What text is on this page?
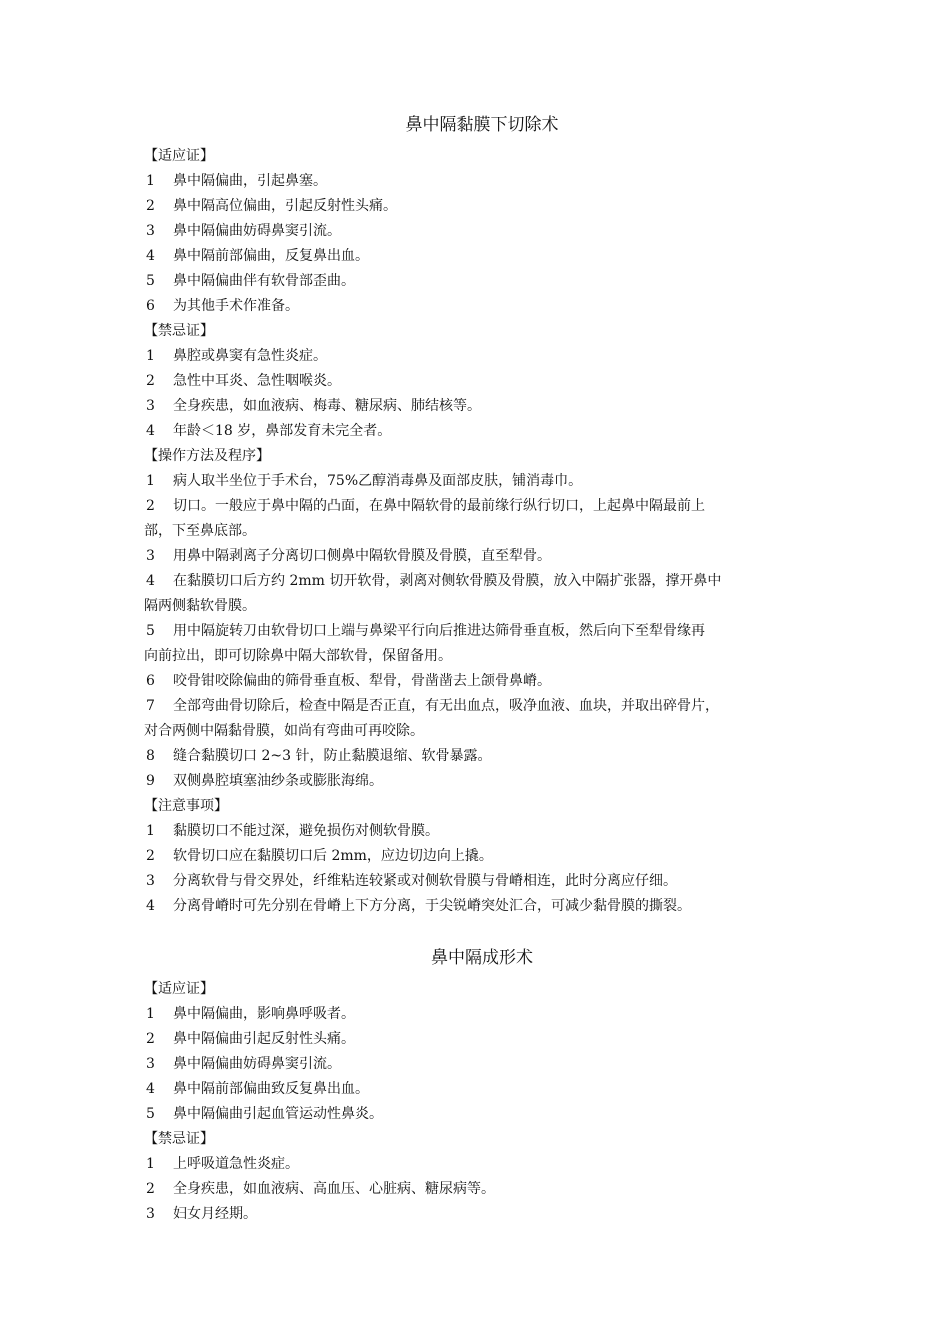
鼻中隔黏膜下切除术
【适应证】
1	鼻中隔偏曲，引起鼻塞。
2	鼻中隔高位偏曲，引起反射性头痛。
3	鼻中隔偏曲妨碍鼻窦引流。
4	鼻中隔前部偏曲，反复鼻出血。
5	鼻中隔偏曲伴有软骨部歪曲。
6	为其他手术作准备。
【禁忌证】
1	鼻腔或鼻窦有急性炎症。
2	急性中耳炎、急性咽喉炎。
3	全身疾患，如血液病、梅毒、糖尿病、肺结核等。
4	年龄＜18 岁，鼻部发育未完全者。
【操作方法及程序】
1	病人取半坐位于手术台，75%乙醇消毒鼻及面部皮肤，铺消毒巾。
2	切口。一般应于鼻中隔的凸面，在鼻中隔软骨的最前缘行纵行切口，上起鼻中隔最前上
部，下至鼻底部。
3	用鼻中隔剥离子分离切口侧鼻中隔软骨膜及骨膜，直至犁骨。
4	在黏膜切口后方约 2mm 切开软骨，剥离对侧软骨膜及骨膜，放入中隔扩张器，撑开鼻中
隔两侧黏软骨膜。
5	用中隔旋转刀由软骨切口上端与鼻梁平行向后推进达筛骨垂直板，然后向下至犁骨缘再
向前拉出，即可切除鼻中隔大部软骨，保留备用。
6	咬骨钳咬除偏曲的筛骨垂直板、犁骨，骨凿凿去上颌骨鼻嵴。
7	全部弯曲骨切除后，检查中隔是否正直，有无出血点，吸净血液、血块，并取出碎骨片，
对合两侧中隔黏骨膜，如尚有弯曲可再咬除。
8	缝合黏膜切口 2~3 针，防止黏膜退缩、软骨暴露。
9	双侧鼻腔填塞油纱条或膨胀海绵。
【注意事项】
1	黏膜切口不能过深，避免损伤对侧软骨膜。
2	软骨切口应在黏膜切口后 2mm，应边切边向上撬。
3	分离软骨与骨交界处，纤维粘连较紧或对侧软骨膜与骨嵴相连，此时分离应仔细。
4	分离骨嵴时可先分别在骨嵴上下方分离，于尖锐嵴突处汇合，可减少黏骨膜的撕裂。
鼻中隔成形术
【适应证】
1	鼻中隔偏曲，影响鼻呼吸者。
2	鼻中隔偏曲引起反射性头痛。
3	鼻中隔偏曲妨碍鼻窦引流。
4	鼻中隔前部偏曲致反复鼻出血。
5	鼻中隔偏曲引起血管运动性鼻炎。
【禁忌证】
1	上呼吸道急性炎症。
2	全身疾患，如血液病、高血压、心脏病、糖尿病等。
3	妇女月经期。
